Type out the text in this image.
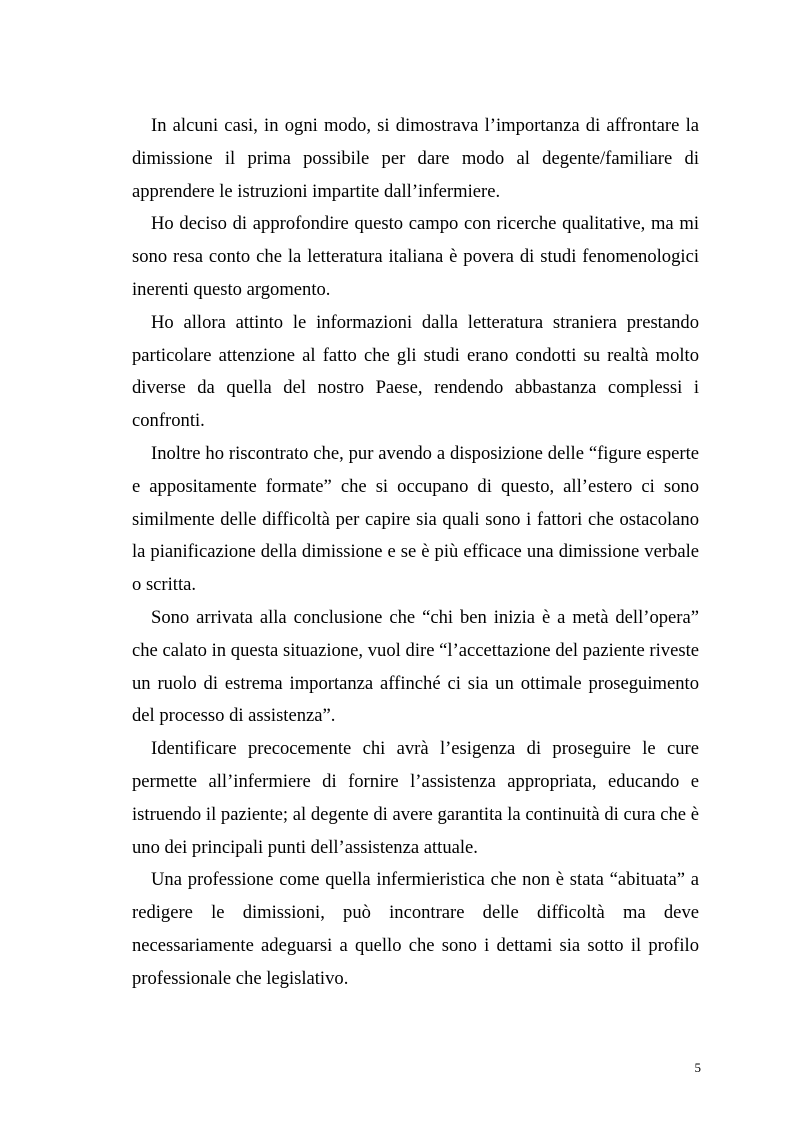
In alcuni casi, in ogni modo, si dimostrava l’importanza di affrontare la dimissione il prima possibile per dare modo al degente/familiare di apprendere le istruzioni impartite dall’infermiere.

Ho deciso di approfondire questo campo con ricerche qualitative, ma mi sono resa conto che la letteratura italiana è povera di studi fenomenologici inerenti questo argomento.

Ho allora attinto le informazioni dalla letteratura straniera prestando particolare attenzione al fatto che gli studi erano condotti su realtà molto diverse da quella del nostro Paese, rendendo abbastanza complessi i confronti.

Inoltre ho riscontrato che, pur avendo a disposizione delle “figure esperte e appositamente formate” che si occupano di questo, all’estero ci sono similmente delle difficoltà per capire sia quali sono i fattori che ostacolano la pianificazione della dimissione e se è più efficace una dimissione verbale o scritta.

Sono arrivata alla conclusione che “chi ben inizia è a metà dell’opera” che calato in questa situazione, vuol dire “l’accettazione del paziente riveste un ruolo di estrema importanza affinché ci sia un ottimale proseguimento del processo di assistenza”.

Identificare precocemente chi avrà l’esigenza di proseguire le cure permette all’infermiere di fornire l’assistenza appropriata, educando e istruendo il paziente; al degente di avere garantita la continuità di cura che è uno dei principali punti dell’assistenza attuale.

Una professione come quella infermieristica che non è stata “abituata” a redigere le dimissioni, può incontrare delle difficoltà ma deve necessariamente adeguarsi a quello che sono i dettami sia sotto il profilo professionale che legislativo.

5
